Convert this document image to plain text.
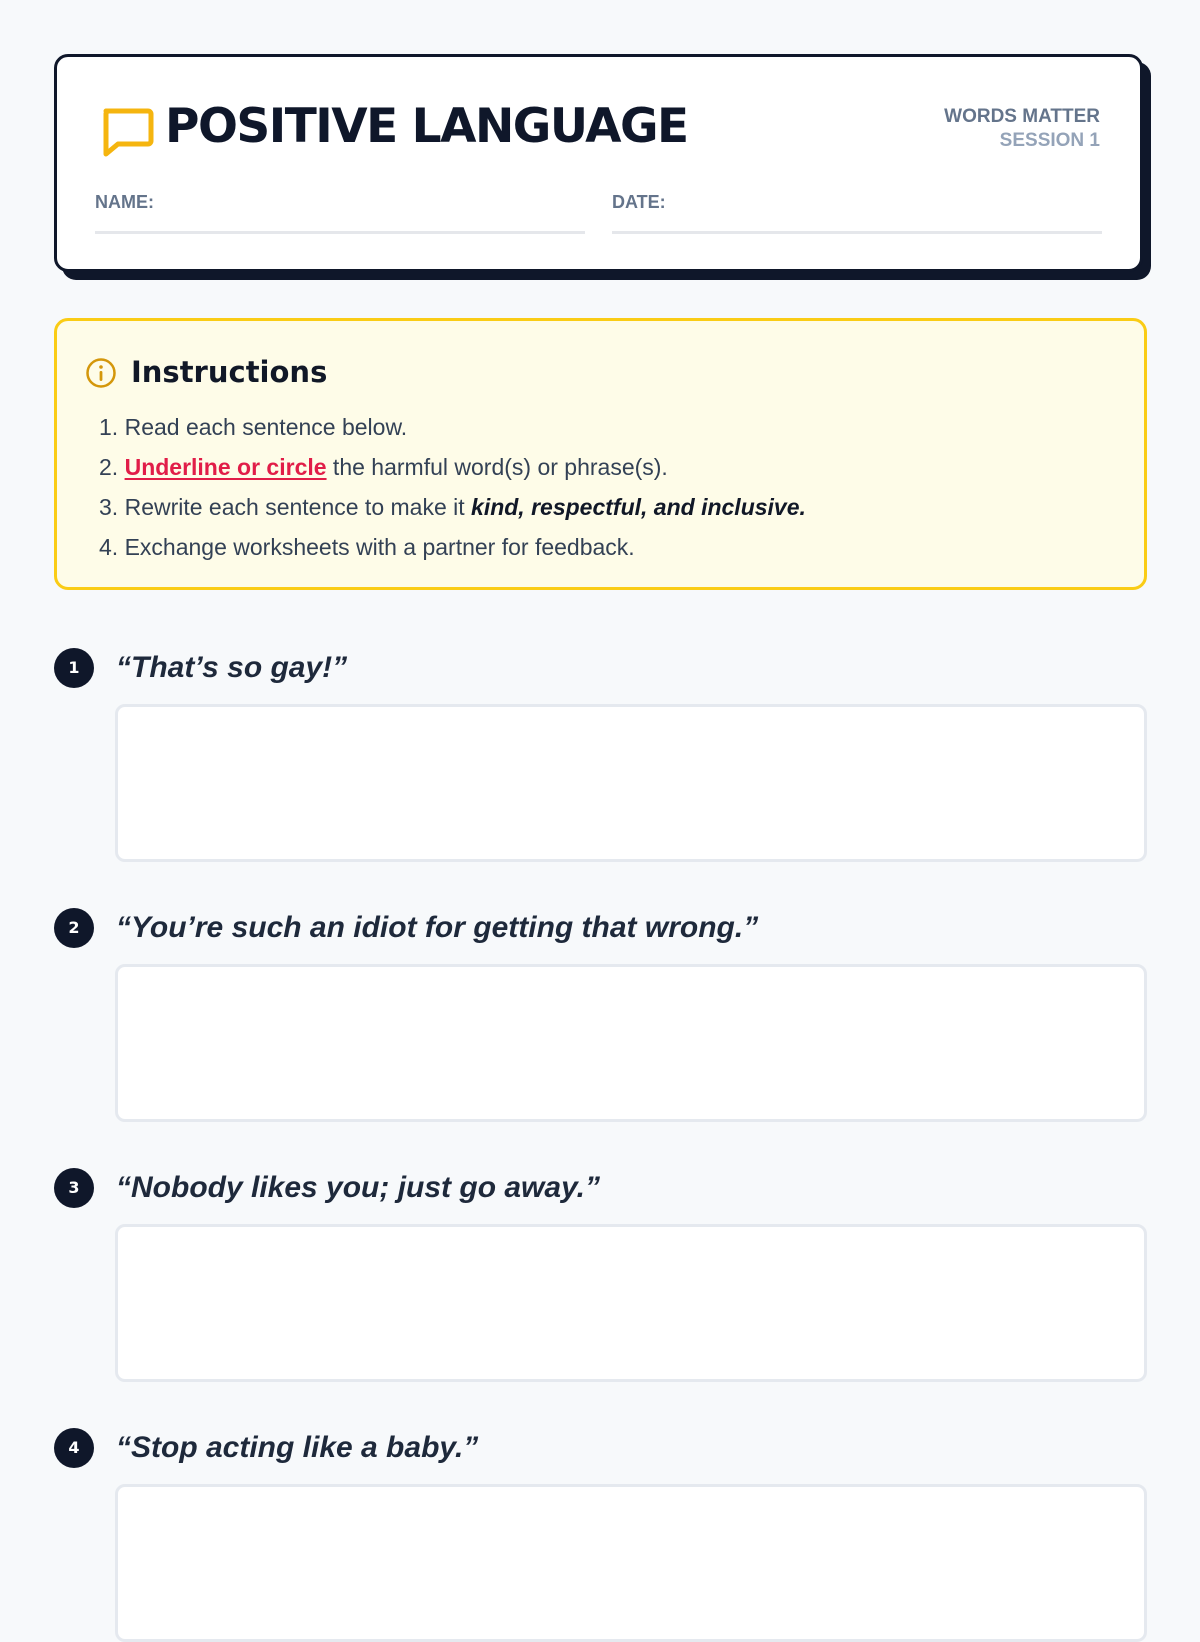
POSITIVE LANGUAGE	WORDS MATTER
SESSION 1
NAME:	DATE:
Instructions
1. Read each sentence below.
2. Underline or circle the harmful word(s) or phrase(s).
3. Rewrite each sentence to make it kind, respectful, and inclusive.
4. Exchange worksheets with a partner for feedback.
1	“That’s so gay!”

2	“You’re such an idiot for getting that wrong.”

3	“Nobody likes you; just go away.”

4	“Stop acting like a baby.”
